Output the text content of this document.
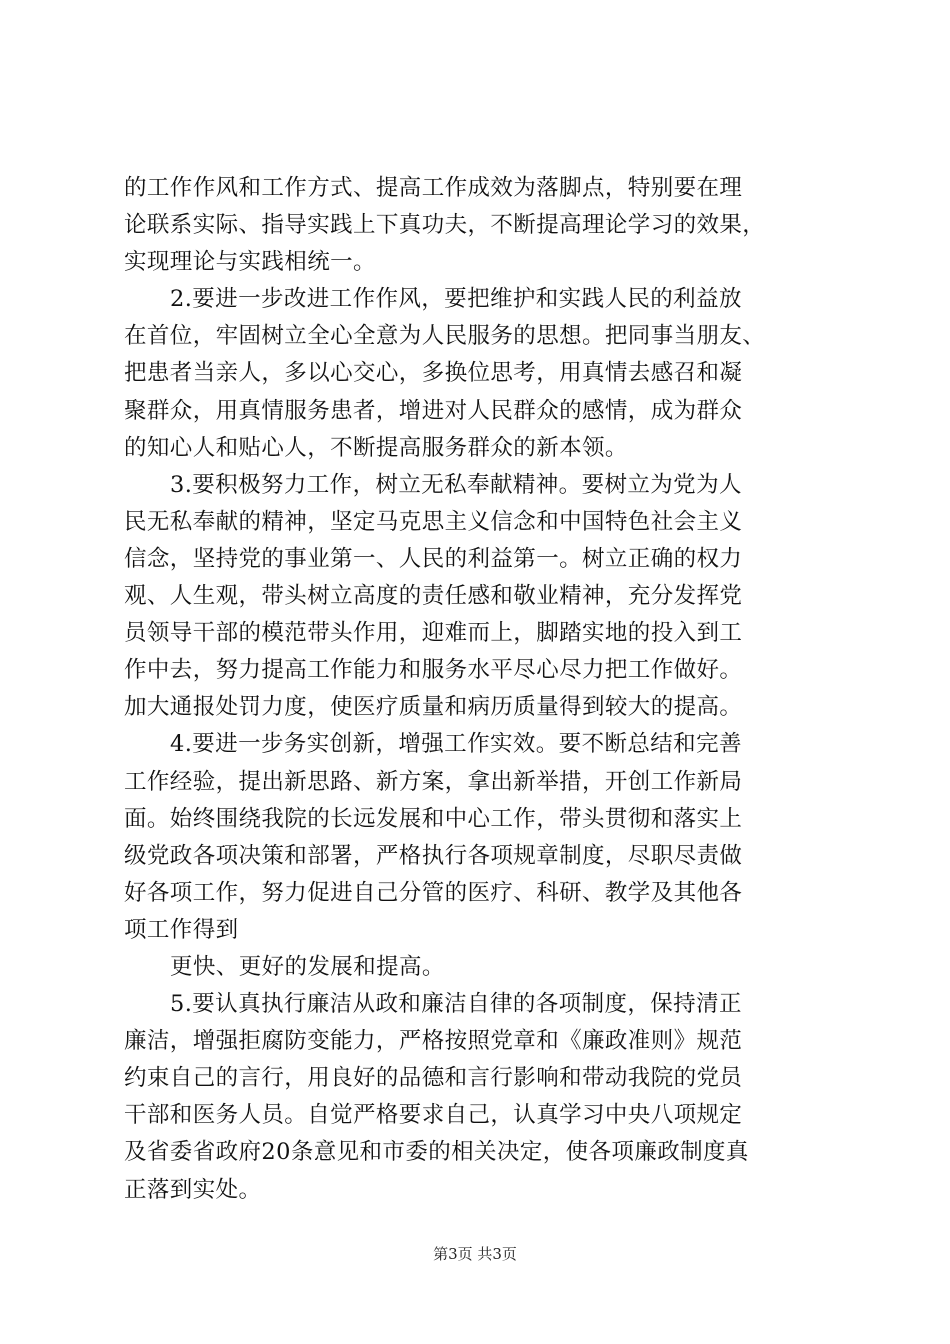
的工作作风和工作方式、提高工作成效为落脚点，特别要在理
论联系实际、指导实践上下真功夫，不断提高理论学习的效果，
实现理论与实践相统一。
2.要进一步改进工作作风，要把维护和实践人民的利益放
在首位，牢固树立全心全意为人民服务的思想。把同事当朋友、
把患者当亲人，多以心交心，多换位思考，用真情去感召和凝
聚群众，用真情服务患者，增进对人民群众的感情，成为群众
的知心人和贴心人，不断提高服务群众的新本领。
3.要积极努力工作，树立无私奉献精神。要树立为党为人
民无私奉献的精神，坚定马克思主义信念和中国特色社会主义
信念，坚持党的事业第一、人民的利益第一。树立正确的权力
观、人生观，带头树立高度的责任感和敬业精神，充分发挥党
员领导干部的模范带头作用，迎难而上，脚踏实地的投入到工
作中去，努力提高工作能力和服务水平尽心尽力把工作做好。
加大通报处罚力度，使医疗质量和病历质量得到较大的提高。
4.要进一步务实创新，增强工作实效。要不断总结和完善
工作经验，提出新思路、新方案，拿出新举措，开创工作新局
面。始终围绕我院的长远发展和中心工作，带头贯彻和落实上
级党政各项决策和部署，严格执行各项规章制度，尽职尽责做
好各项工作，努力促进自己分管的医疗、科研、教学及其他各
项工作得到
更快、更好的发展和提高。
5.要认真执行廉洁从政和廉洁自律的各项制度，保持清正
廉洁，增强拒腐防变能力，严格按照党章和《廉政准则》规范
约束自己的言行，用良好的品德和言行影响和带动我院的党员
干部和医务人员。自觉严格要求自己，认真学习中央八项规定
及省委省政府20条意见和市委的相关决定，使各项廉政制度真
正落到实处。
第3页 共3页
